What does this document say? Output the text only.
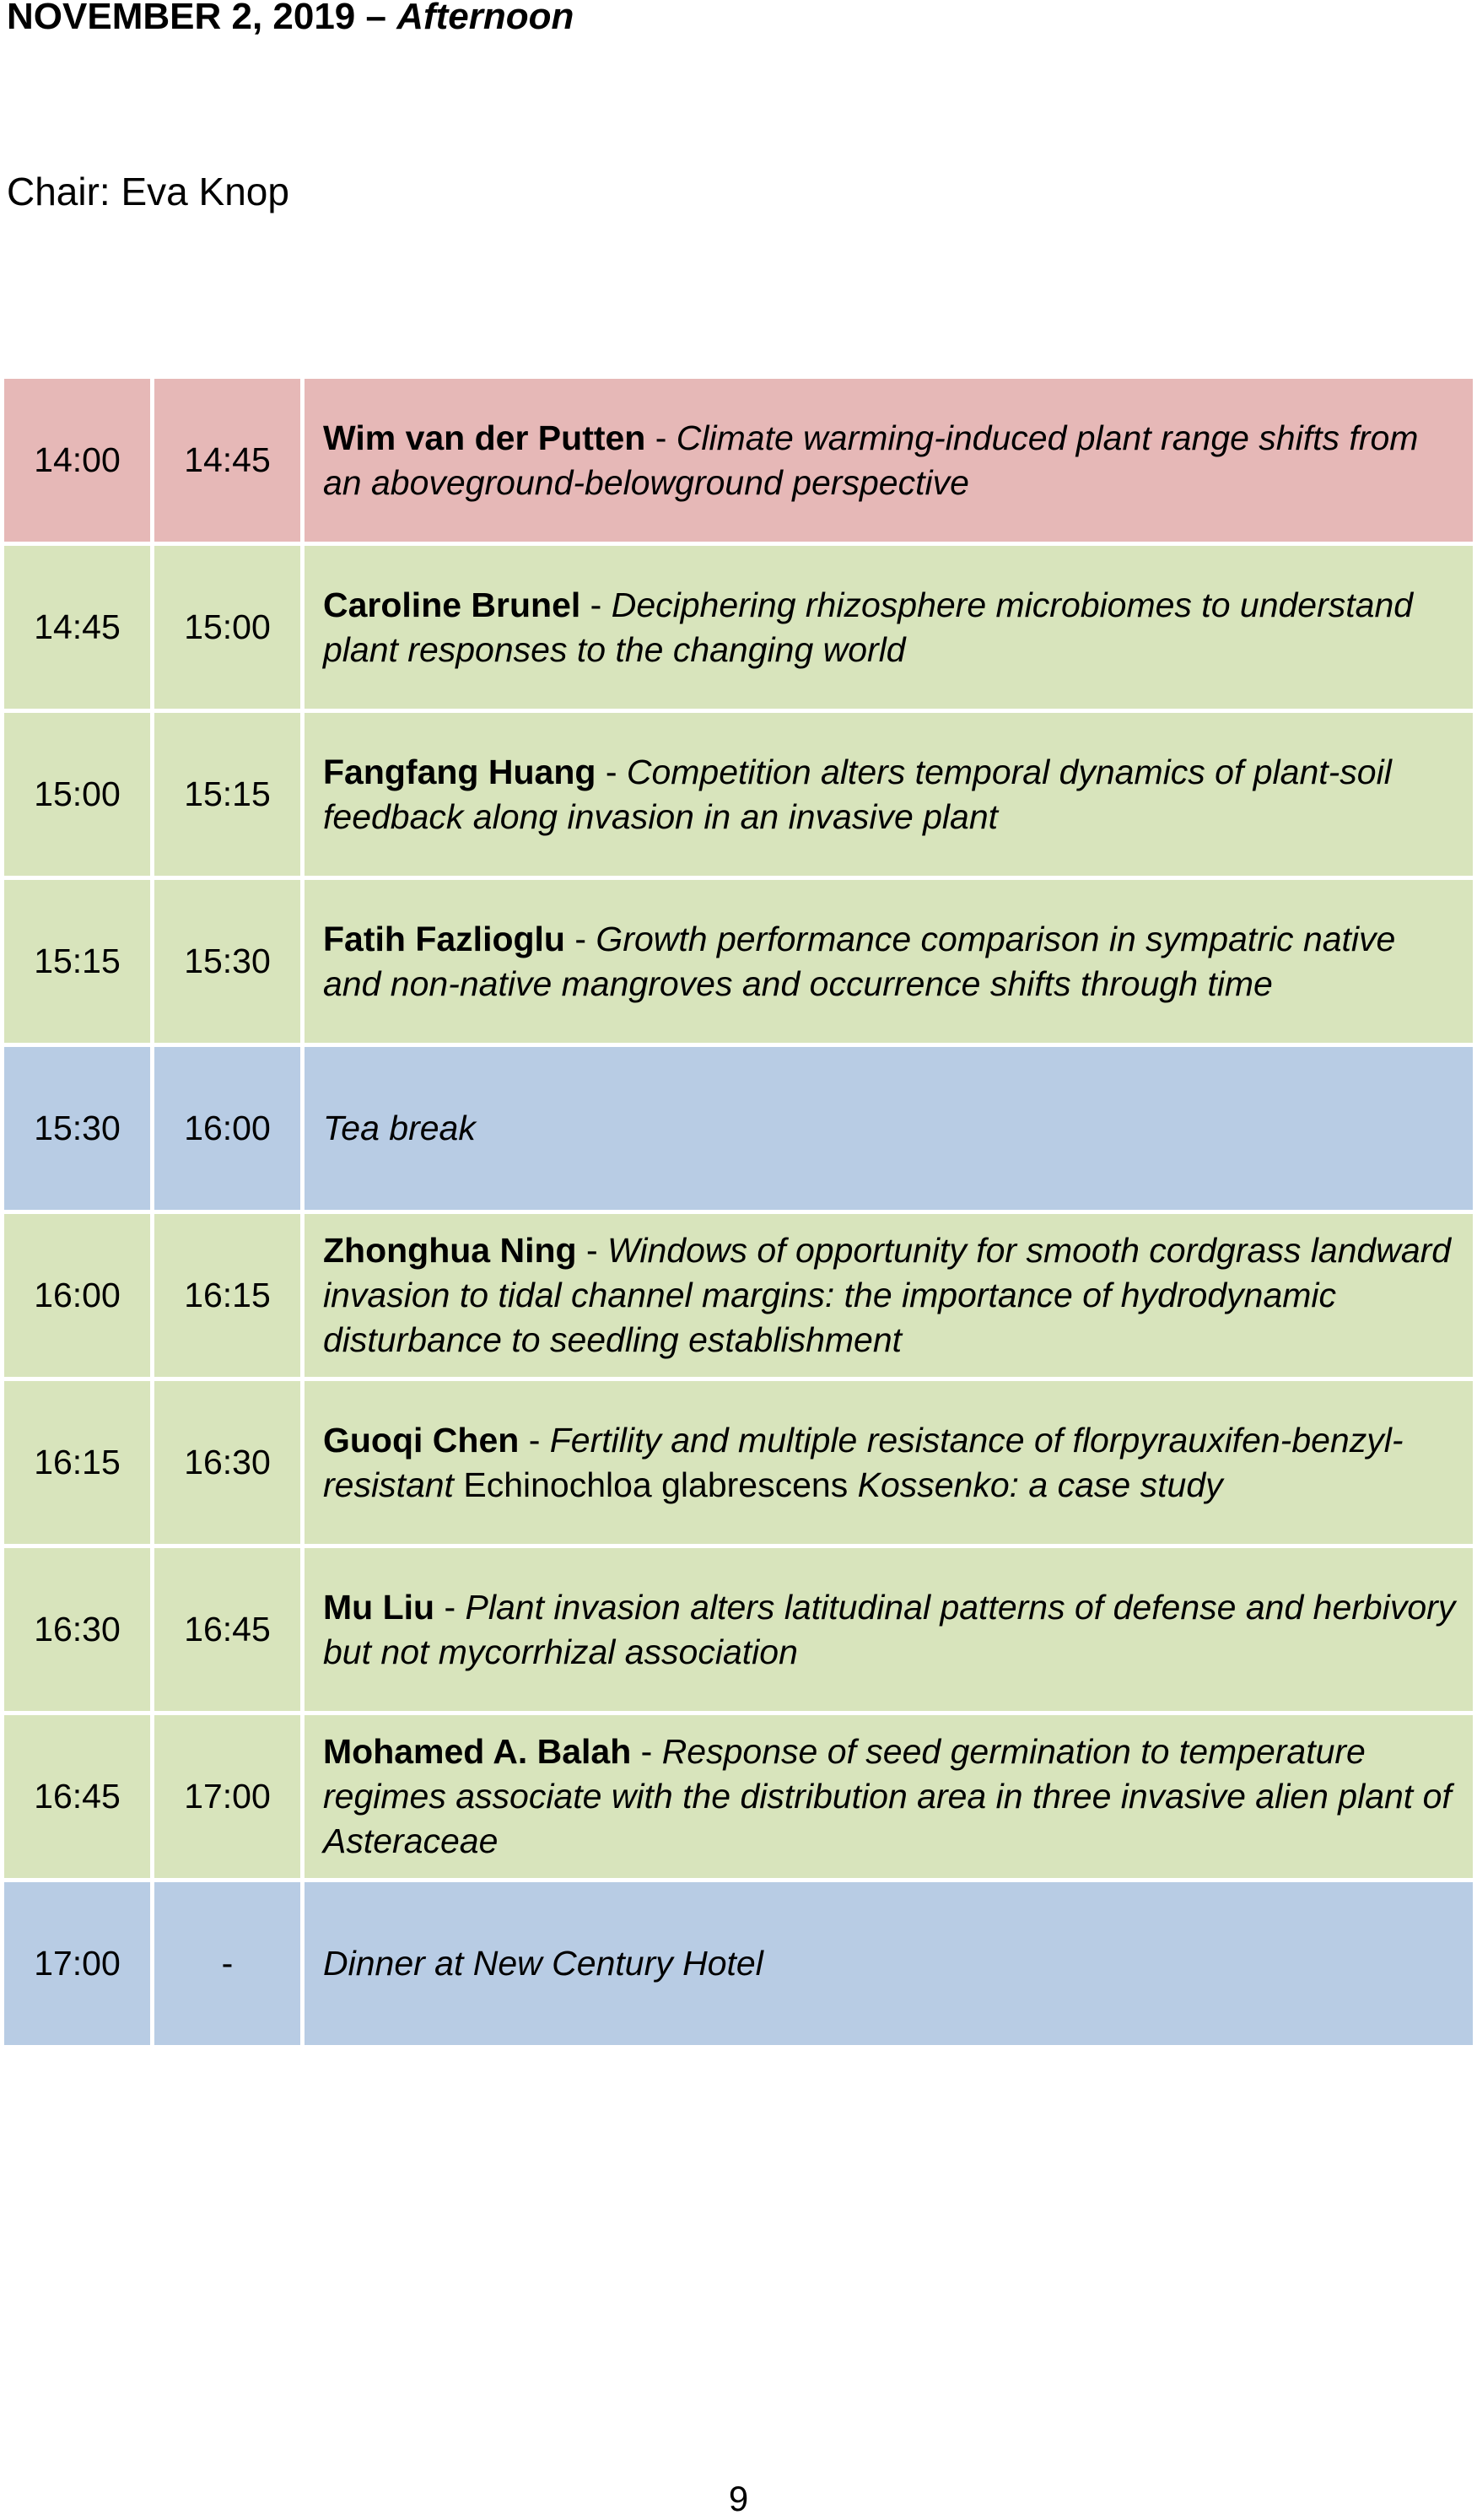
NOVEMBER 2, 2019 – Afternoon
Chair: Eva Knop
14:00	14:45	Wim van der Putten - Climate warming-induced plant range shifts from an aboveground-belowground perspective
14:45	15:00	Caroline Brunel - Deciphering rhizosphere microbiomes to understand plant responses to the changing world
15:00	15:15	Fangfang Huang - Competition alters temporal dynamics of plant-soil feedback along invasion in an invasive plant
15:15	15:30	Fatih Fazlioglu - Growth performance comparison in sympatric native and non-native mangroves and occurrence shifts through time
15:30	16:00	Tea break
16:00	16:15	Zhonghua Ning - Windows of opportunity for smooth cordgrass landward invasion to tidal channel margins: the importance of hydrodynamic disturbance to seedling establishment
16:15	16:30	Guoqi Chen - Fertility and multiple resistance of florpyrauxifen-benzyl-resistant Echinochloa glabrescens Kossenko: a case study
16:30	16:45	Mu Liu - Plant invasion alters latitudinal patterns of defense and herbivory but not mycorrhizal association
16:45	17:00	Mohamed A. Balah - Response of seed germination to temperature regimes associate with the distribution area in three invasive alien plant of Asteraceae
17:00	-	Dinner at New Century Hotel
9
